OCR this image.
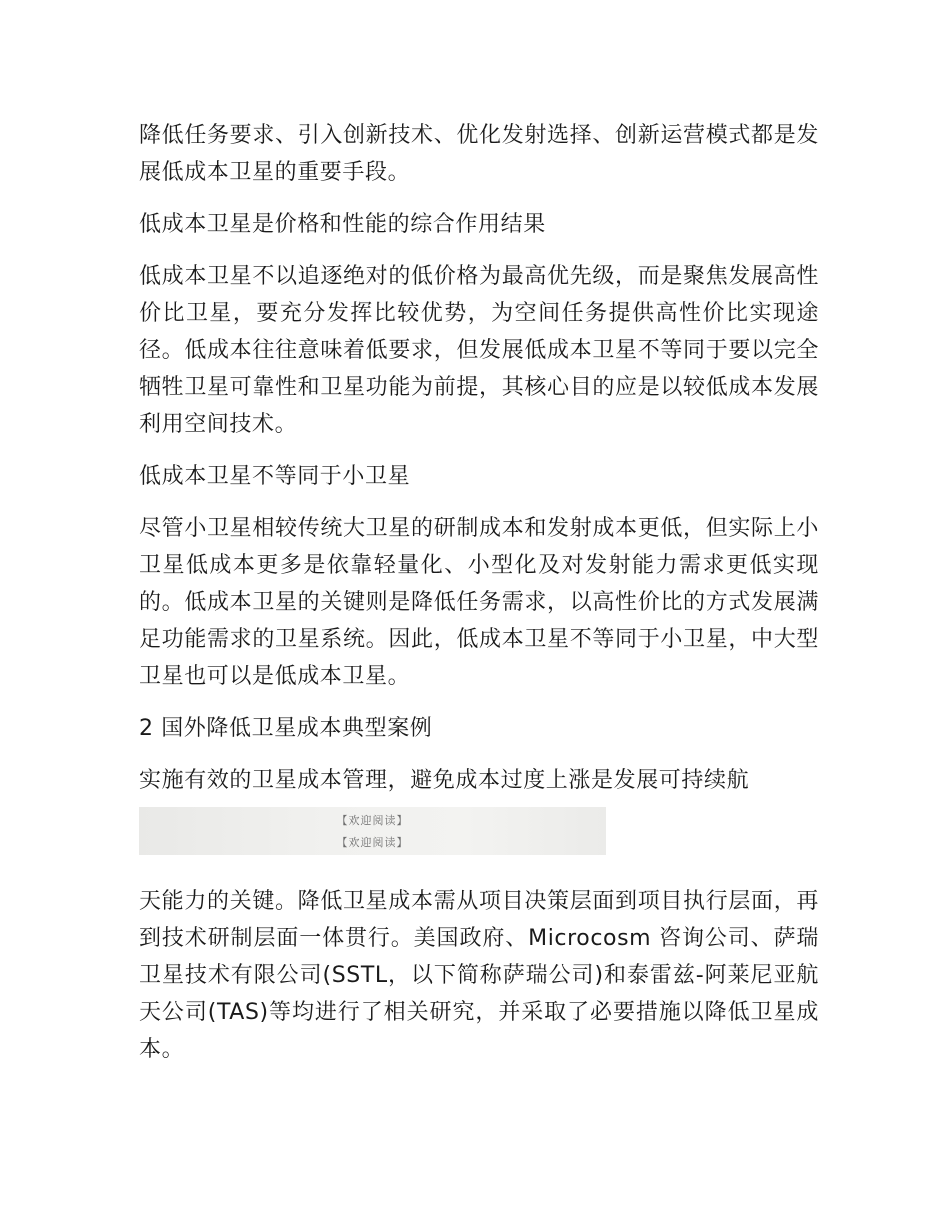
降低任务要求、引入创新技术、优化发射选择、创新运营模式都是发展低成本卫星的重要手段。

低成本卫星是价格和性能的综合作用结果

低成本卫星不以追逐绝对的低价格为最高优先级，而是聚焦发展高性价比卫星，要充分发挥比较优势，为空间任务提供高性价比实现途径。低成本往往意味着低要求，但发展低成本卫星不等同于要以完全牺牲卫星可靠性和卫星功能为前提，其核心目的应是以较低成本发展利用空间技术。

低成本卫星不等同于小卫星

尽管小卫星相较传统大卫星的研制成本和发射成本更低，但实际上小卫星低成本更多是依靠轻量化、小型化及对发射能力需求更低实现的。低成本卫星的关键则是降低任务需求，以高性价比的方式发展满足功能需求的卫星系统。因此，低成本卫星不等同于小卫星，中大型卫星也可以是低成本卫星。

2 国外降低卫星成本典型案例

实施有效的卫星成本管理，避免成本过度上涨是发展可持续航

【欢迎阅读】
【欢迎阅读】

天能力的关键。降低卫星成本需从项目决策层面到项目执行层面，再到技术研制层面一体贯行。美国政府、Microcosm 咨询公司、萨瑞卫星技术有限公司(SSTL，以下简称萨瑞公司)和泰雷兹-阿莱尼亚航天公司(TAS)等均进行了相关研究，并采取了必要措施以降低卫星成本。
